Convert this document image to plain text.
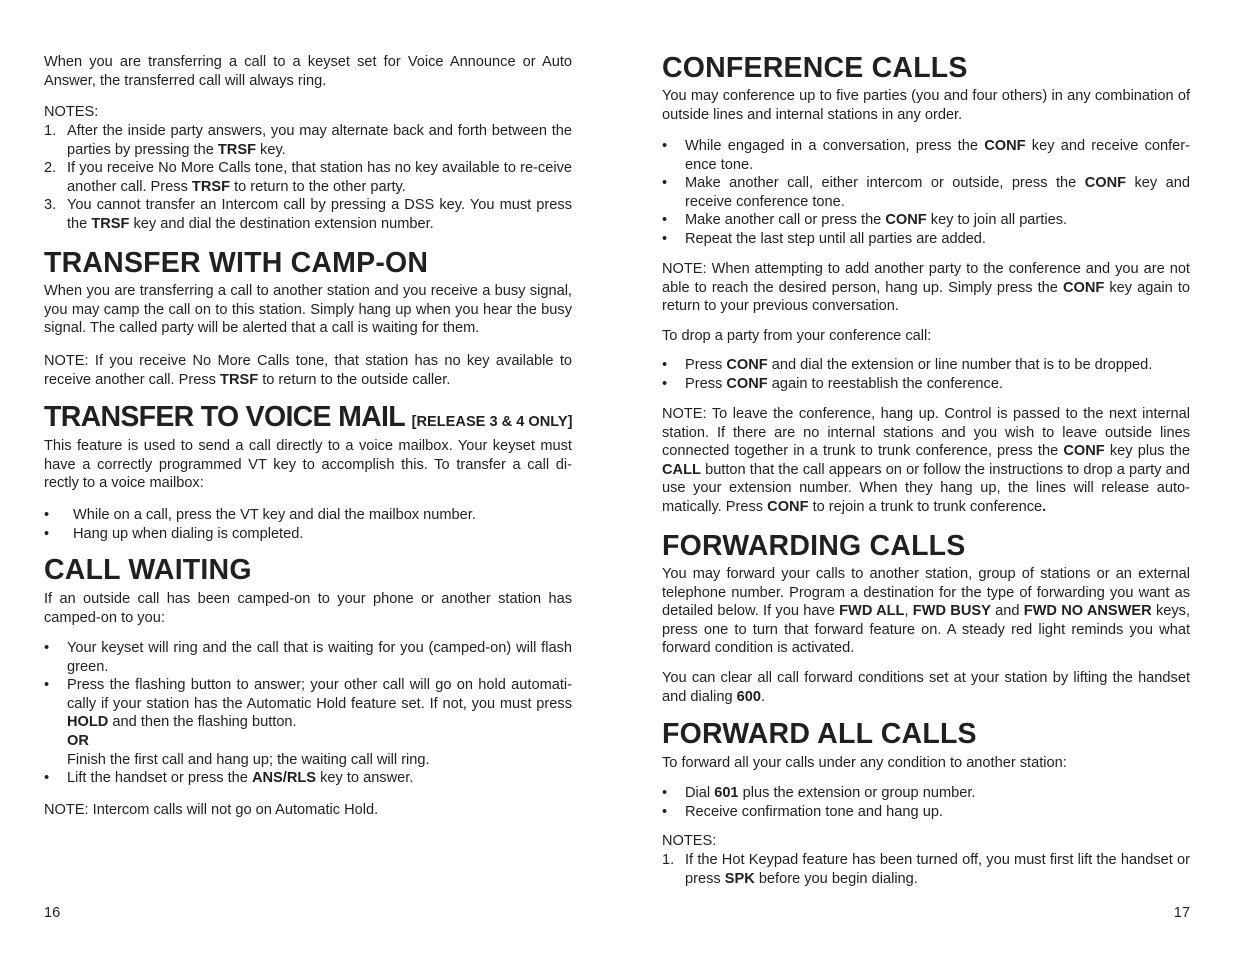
When you are transferring a call to a keyset set for Voice Announce or Auto Answer, the transferred call will always ring.

NOTES:

1. After the inside party answers, you may alternate back and forth between the parties by pressing the TRSF key.
2. If you receive No More Calls tone, that station has no key available to re-ceive another call. Press TRSF to return to the other party.
3. You cannot transfer an Intercom call by pressing a DSS key. You must press the TRSF key and dial the destination extension number.
TRANSFER WITH CAMP-ON

When you are transferring a call to another station and you receive a busy signal, you may camp the call on to this station. Simply hang up when you hear the busy signal. The called party will be alerted that a call is waiting for them.

NOTE: If you receive No More Calls tone, that station has no key available to receive another call. Press TRSF to return to the outside caller.

TRANSFER TO VOICE MAIL [RELEASE 3 & 4 ONLY]

This feature is used to send a call directly to a voice mailbox. Your keyset must have a correctly programmed VT key to accomplish this. To transfer a call di-rectly to a voice mailbox:

• While on a call, press the VT key and dial the mailbox number.
• Hang up when dialing is completed.
CALL WAITING

If an outside call has been camped-on to your phone or another station has camped-on to you:

• Your keyset will ring and the call that is waiting for you (camped-on) will flash green.
• Press the flashing button to answer; your other call will go on hold automati-cally if your station has the Automatic Hold feature set. If not, you must press HOLD and then the flashing button.
OR
Finish the first call and hang up; the waiting call will ring.
• Lift the handset or press the ANS/RLS key to answer.

NOTE: Intercom calls will not go on Automatic Hold.

16
CONFERENCE CALLS

You may conference up to five parties (you and four others) in any combination of outside lines and internal stations in any order.

• While engaged in a conversation, press the CONF key and receive confer-ence tone.
• Make another call, either intercom or outside, press the CONF key and receive conference tone.
• Make another call or press the CONF key to join all parties.
• Repeat the last step until all parties are added.

NOTE: When attempting to add another party to the conference and you are not able to reach the desired person, hang up. Simply press the CONF key again to return to your previous conversation.

To drop a party from your conference call:

• Press CONF and dial the extension or line number that is to be dropped.
• Press CONF again to reestablish the conference.

NOTE: To leave the conference, hang up. Control is passed to the next internal station. If there are no internal stations and you wish to leave outside lines connected together in a trunk to trunk conference, press the CONF key plus the CALL button that the call appears on or follow the instructions to drop a party and use your extension number. When they hang up, the lines will release auto-matically. Press CONF to rejoin a trunk to trunk conference.

FORWARDING CALLS

You may forward your calls to another station, group of stations or an external telephone number. Program a destination for the type of forwarding you want as detailed below. If you have FWD ALL, FWD BUSY and FWD NO ANSWER keys, press one to turn that forward feature on. A steady red light reminds you what forward condition is activated.

You can clear all call forward conditions set at your station by lifting the handset and dialing 600.

FORWARD ALL CALLS

To forward all your calls under any condition to another station:

• Dial 601 plus the extension or group number.
• Receive confirmation tone and hang up.

NOTES:

1. If the Hot Keypad feature has been turned off, you must first lift the handset or press SPK before you begin dialing.
17
